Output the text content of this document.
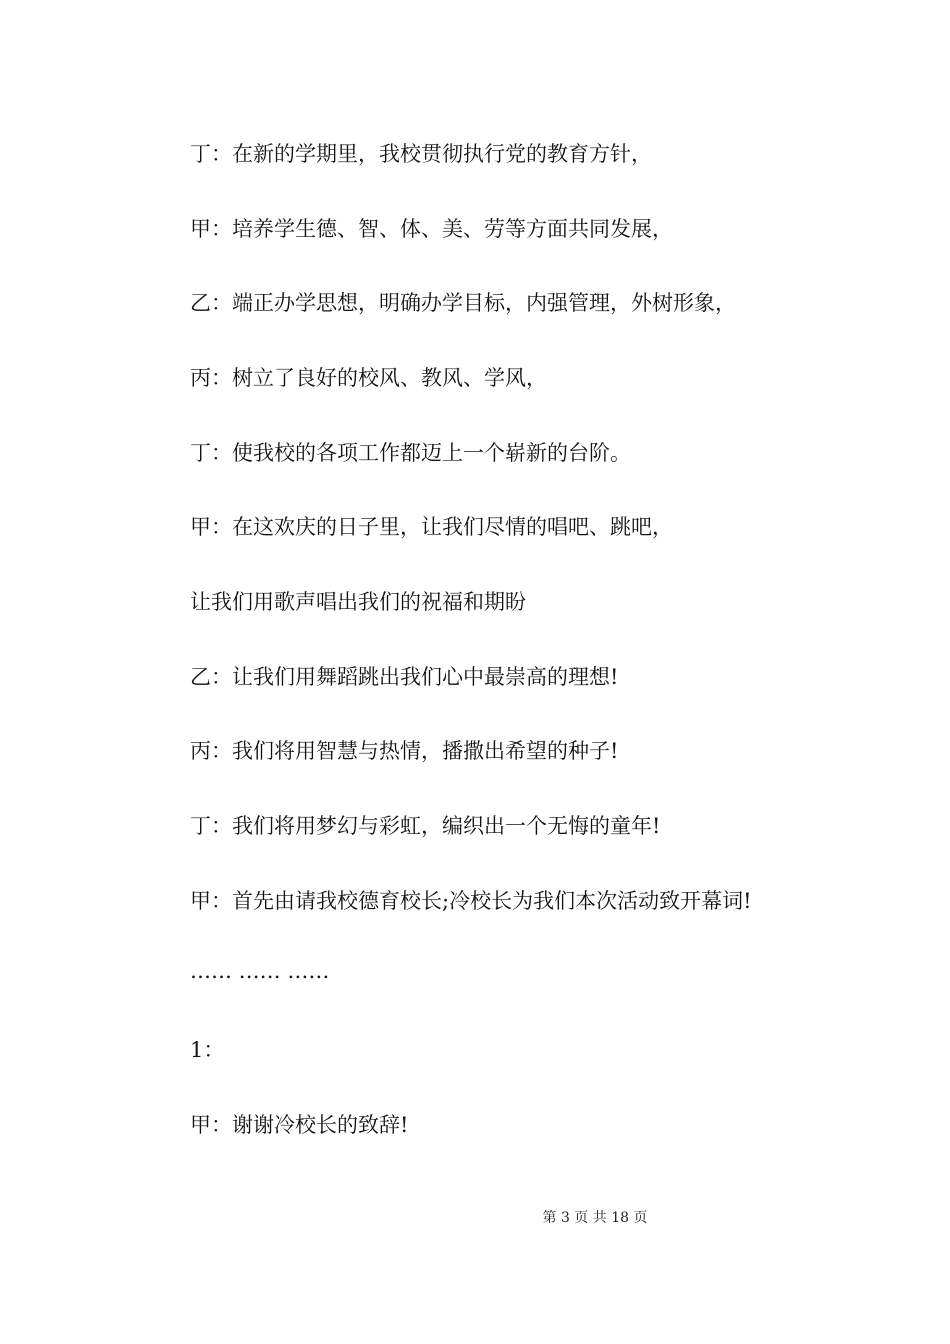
丁：在新的学期里，我校贯彻执行党的教育方针，

甲：培养学生德、智、体、美、劳等方面共同发展，

乙：端正办学思想，明确办学目标，内强管理，外树形象，

丙：树立了良好的校风、教风、学风，

丁：使我校的各项工作都迈上一个崭新的台阶。

甲：在这欢庆的日子里，让我们尽情的唱吧、跳吧，

让我们用歌声唱出我们的祝福和期盼

乙：让我们用舞蹈跳出我们心中最崇高的理想!

丙：我们将用智慧与热情，播撒出希望的种子!

丁：我们将用梦幻与彩虹，编织出一个无悔的童年!

甲：首先由请我校德育校长;冷校长为我们本次活动致开幕词!

…… …… ……

1：

甲：谢谢冷校长的致辞!

第 3 页 共 18 页
